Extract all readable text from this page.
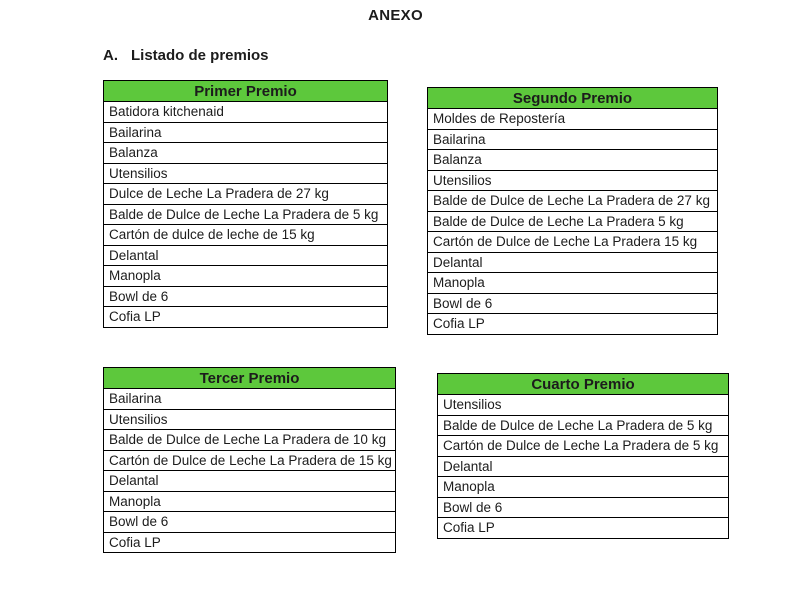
ANEXO
A. Listado de premios
Primer Premio
Batidora kitchenaid
Bailarina
Balanza
Utensilios
Dulce de Leche La Pradera de 27 kg
Balde de Dulce de Leche La Pradera de 5 kg
Cartón de dulce de leche de 15 kg
Delantal
Manopla
Bowl de 6
Cofia LP
Segundo Premio
Moldes de Repostería
Bailarina
Balanza
Utensilios
Balde de Dulce de Leche La Pradera de 27 kg
Balde de Dulce de Leche La Pradera 5 kg
Cartón de Dulce de Leche La Pradera 15 kg
Delantal
Manopla
Bowl de 6
Cofia LP
Tercer Premio
Bailarina
Utensilios
Balde de Dulce de Leche La Pradera de 10 kg
Cartón de Dulce de Leche La Pradera de 15 kg
Delantal
Manopla
Bowl de 6
Cofia LP
Cuarto Premio
Utensilios
Balde de Dulce de Leche La Pradera de 5 kg
Cartón de Dulce de Leche La Pradera de 5 kg
Delantal
Manopla
Bowl de 6
Cofia LP
